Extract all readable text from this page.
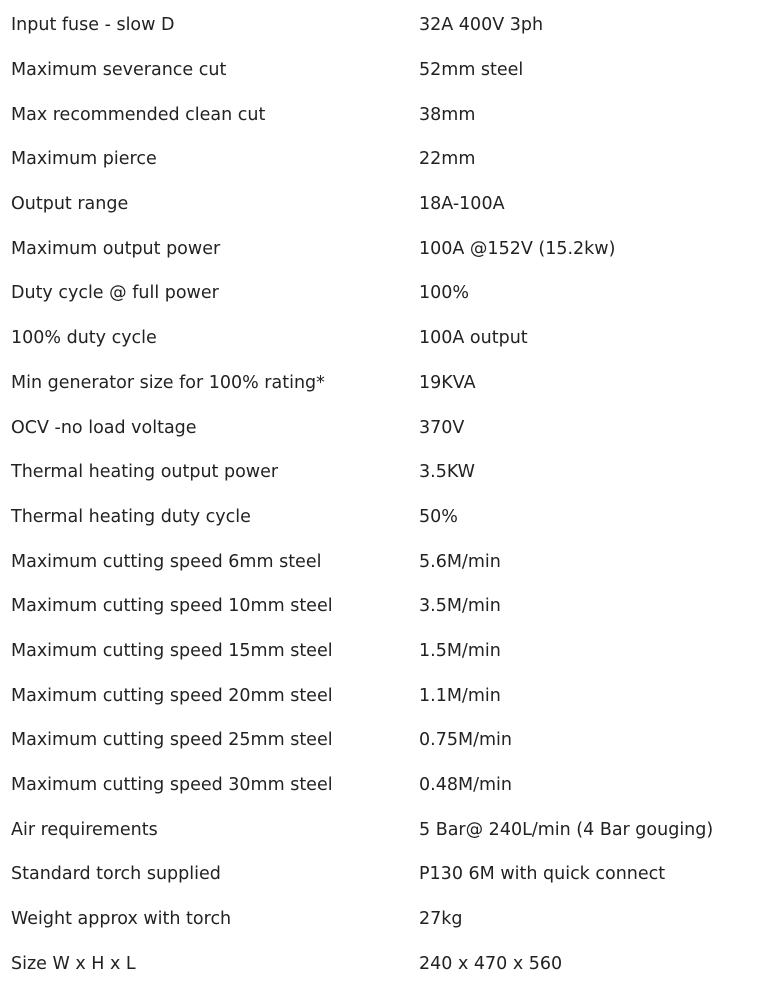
Input fuse - slow D	32A 400V 3ph
Maximum severance cut	52mm steel
Max recommended clean cut	38mm
Maximum pierce	22mm
Output range	18A-100A
Maximum output power	100A @152V (15.2kw)
Duty cycle @ full power	100%
100% duty cycle	100A output
Min generator size for 100% rating*	19KVA
OCV -no load voltage	370V
Thermal heating output power	3.5KW
Thermal heating duty cycle	50%
Maximum cutting speed 6mm steel	5.6M/min
Maximum cutting speed 10mm steel	3.5M/min
Maximum cutting speed 15mm steel	1.5M/min
Maximum cutting speed 20mm steel	1.1M/min
Maximum cutting speed 25mm steel	0.75M/min
Maximum cutting speed 30mm steel	0.48M/min
Air requirements	5 Bar@ 240L/min (4 Bar gouging)
Standard torch supplied	P130 6M with quick connect
Weight approx with torch	27kg
Size W x H x L	240 x 470 x 560
